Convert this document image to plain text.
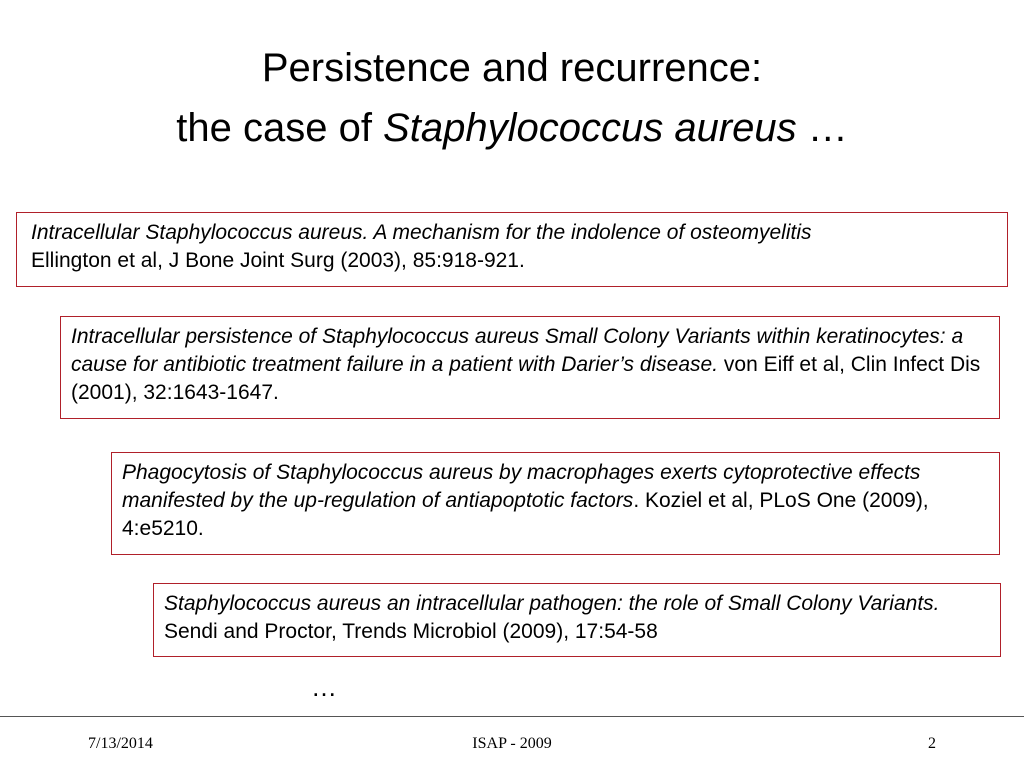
Persistence and recurrence:
the case of Staphylococcus aureus …
Intracellular Staphylococcus aureus. A mechanism for the indolence of osteomyelitis
Ellington et al, J Bone Joint Surg (2003), 85:918-921.
Intracellular persistence of Staphylococcus aureus Small Colony Variants within keratinocytes: a cause for antibiotic treatment failure in a patient with Darier’s disease. von Eiff et al, Clin Infect Dis (2001), 32:1643-1647.
Phagocytosis of Staphylococcus aureus by macrophages exerts cytoprotective effects manifested by the up-regulation of antiapoptotic factors. Koziel et al, PLoS One (2009), 4:e5210.
Staphylococcus aureus an intracellular pathogen: the role of Small Colony Variants. Sendi and Proctor, Trends Microbiol (2009), 17:54-58
…
7/13/2014	ISAP - 2009	2
